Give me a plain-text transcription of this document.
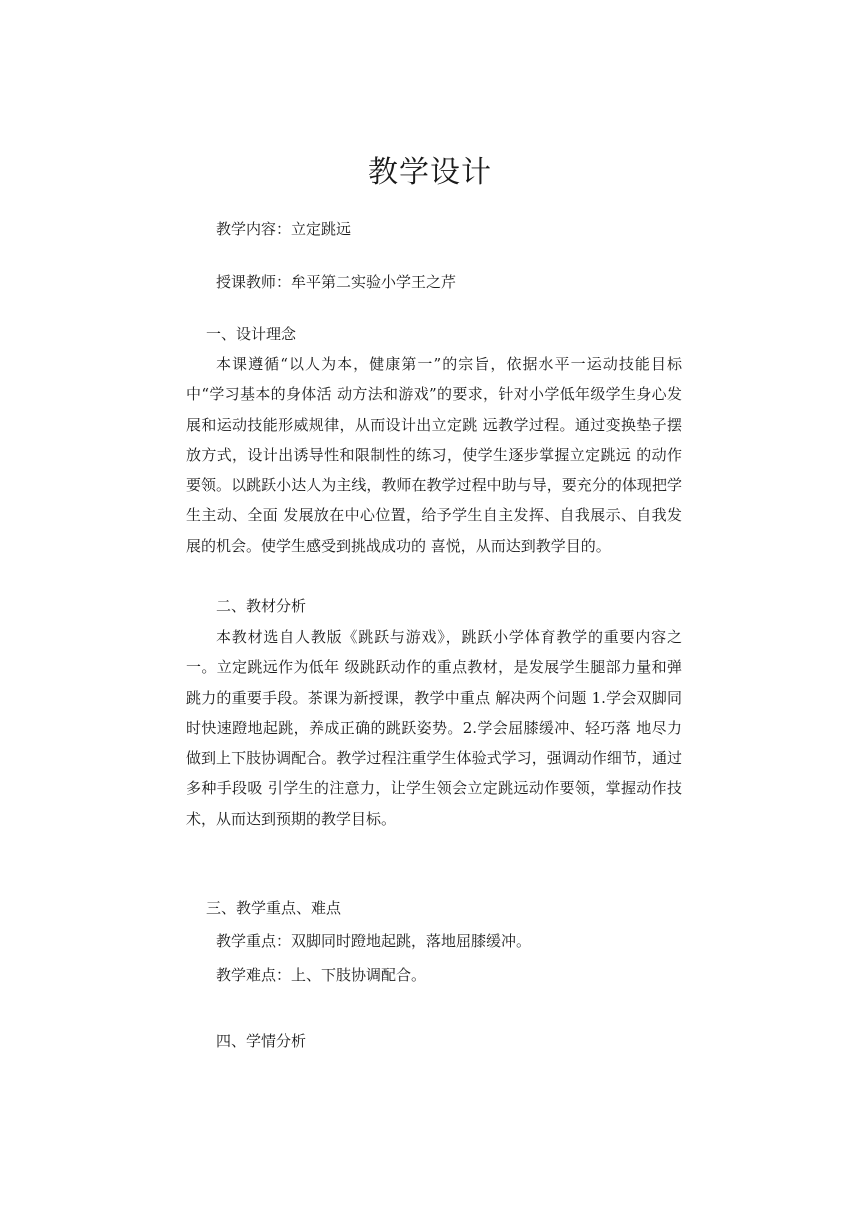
教学设计

教学内容：立定跳远

授课教师：牟平第二实验小学王之芹

一、设计理念

本课遵循“以人为本，健康第一”的宗旨，依据水平一运动技能目标中“学习基本的身体活 动方法和游戏”的要求，针对小学低年级学生身心发展和运动技能形威规律，从而设计出立定跳 远教学过程。通过变换垫子摆放方式，设计出诱导性和限制性的练习，使学生逐步掌握立定跳远 的动作要领。以跳跃小达人为主线，教师在教学过程中助与导，要充分的体现把学生主动、全面 发展放在中心位置，给予学生自主发挥、自我展示、自我发展的机会。使学生感受到挑战成功的 喜悦，从而达到教学目的。

二、教材分析

本教材选自人教版《跳跃与游戏》，跳跃小学体育教学的重要内容之一。立定跳远作为低年 级跳跃动作的重点教材，是发展学生腿部力量和弹跳力的重要手段。茶课为新授课，教学中重点 解决两个问题 1.学会双脚同时快速蹬地起跳，养成正确的跳跃姿势。2.学会屈膝缓冲、轻巧落 地尽力做到上下肢协调配合。教学过程注重学生体验式学习，强调动作细节，通过多种手段吸 引学生的注意力，让学生领会立定跳远动作要领，掌握动作技术，从而达到预期的教学目标。

三、教学重点、难点

教学重点：双脚同时蹬地起跳，落地屈膝缓冲。

教学难点：上、下肢协调配合。

四、学情分析
